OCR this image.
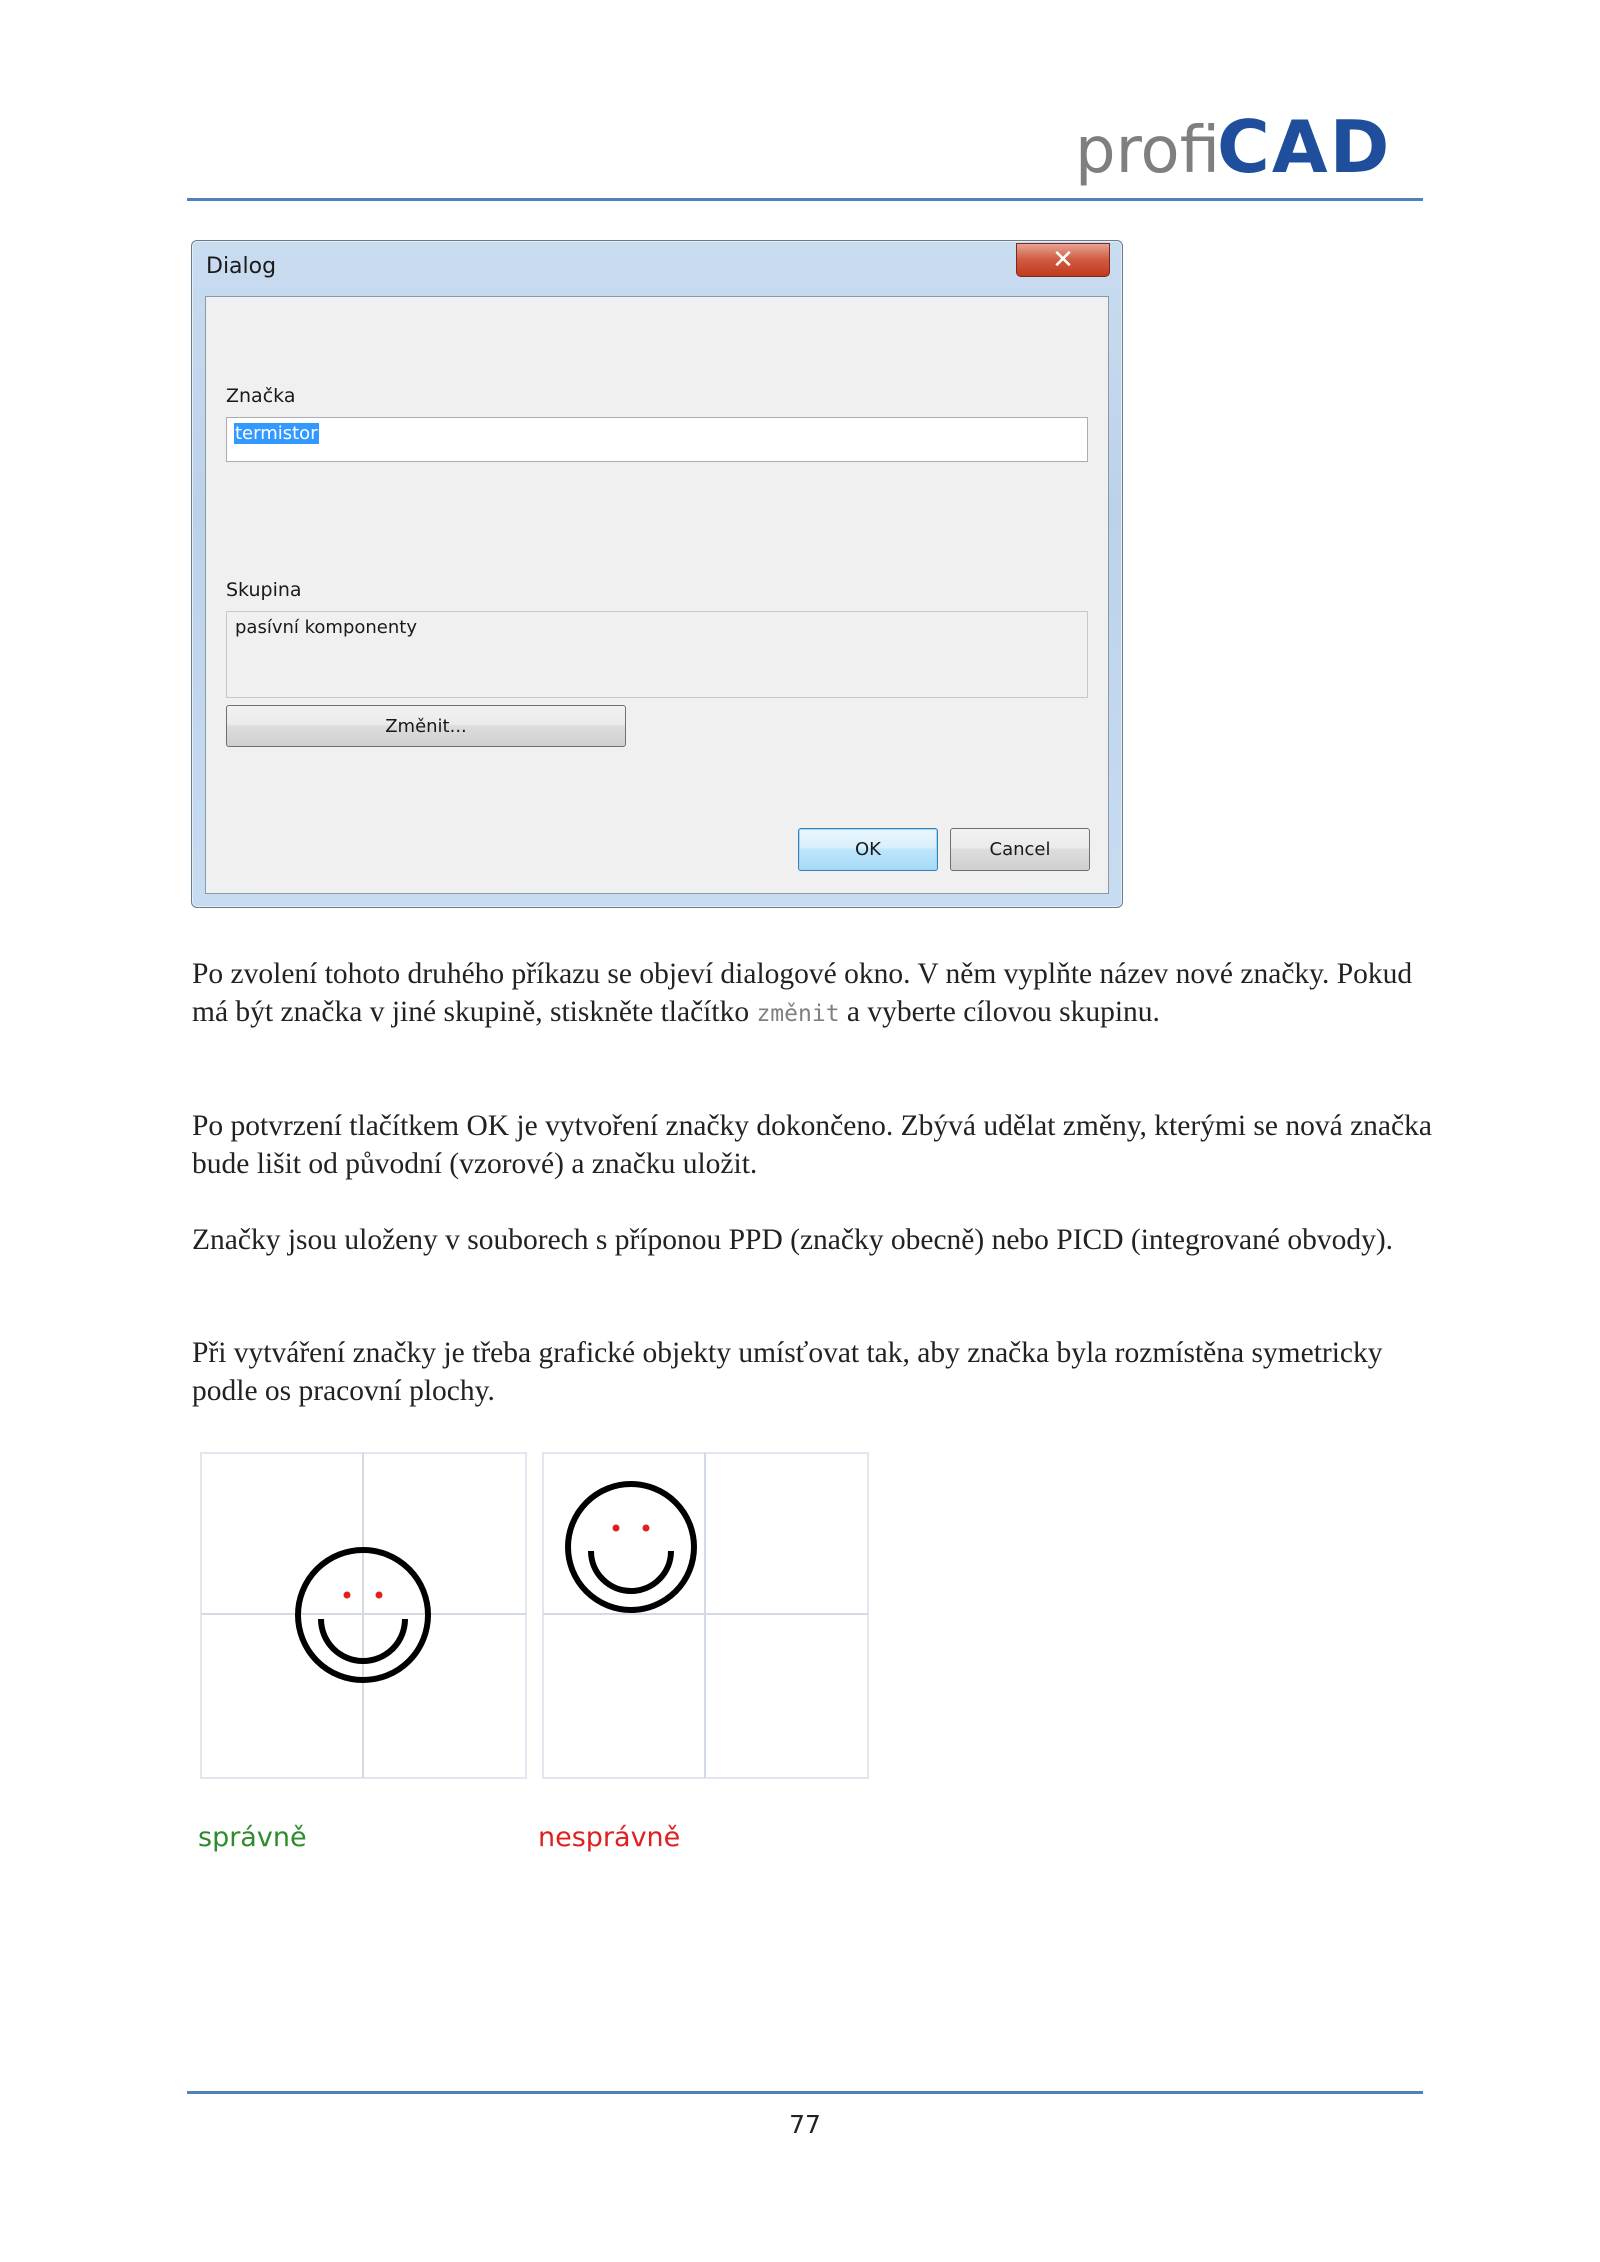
profi
CAD
Dialog	✕
Značka
termistor
Skupina
pasívní komponenty
Změnit...
OK	Cancel
Po zvolení tohoto druhého příkazu se objeví dialogové okno. V něm vyplňte název nové značky. Pokud má být značka v jiné skupině, stiskněte tlačítko změnit a vyberte cílovou skupinu.
Po potvrzení tlačítkem OK je vytvoření značky dokončeno. Zbývá udělat změny, kterými se nová značka bude lišit od původní (vzorové) a značku uložit.
Značky jsou uloženy v souborech s příponou PPD (značky obecně) nebo PICD (integrované obvody).
Při vytváření značky je třeba grafické objekty umísťovat tak, aby značka byla rozmístěna symetricky podle os pracovní plochy.
správně	nesprávně
77
